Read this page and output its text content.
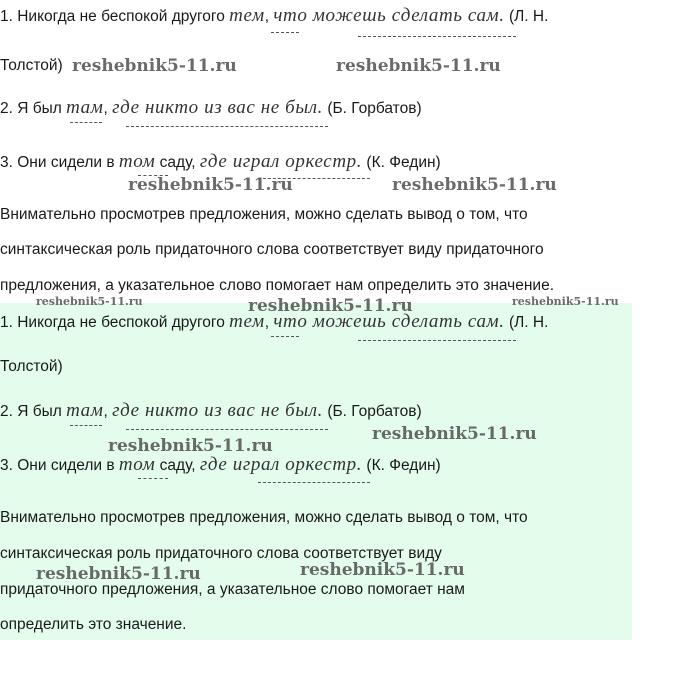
1. Никогда не беспокой другого тем, что можешь сделать сам. (Л. Н.
Толстой)
2. Я был там, где никто из вас не был. (Б. Горбатов)
3. Они сидели в том саду, где играл оркестр. (К. Федин)
Внимательно просмотрев предложения, можно сделать вывод о том, что
синтаксическая роль придаточного слова соответствует виду придаточного
предложения, а указательное слово помогает нам определить это значение.
1. Никогда не беспокой другого тем, что можешь сделать сам. (Л. Н.
Толстой)
2. Я был там, где никто из вас не был. (Б. Горбатов)
3. Они сидели в том саду, где играл оркестр. (К. Федин)
Внимательно просмотрев предложения, можно сделать вывод о том, что
синтаксическая роль придаточного слова соответствует виду
придаточного предложения, а указательное слово помогает нам
определить это значение.
reshebnik5-11.ru	reshebnik5-11.ru
reshebnik5-11.ru	reshebnik5-11.ru
reshebnik5-11.ru	reshebnik5-11.ru	reshebnik5-11.ru
reshebnik5-11.ru
reshebnik5-11.ru
reshebnik5-11.ru
reshebnik5-11.ru
